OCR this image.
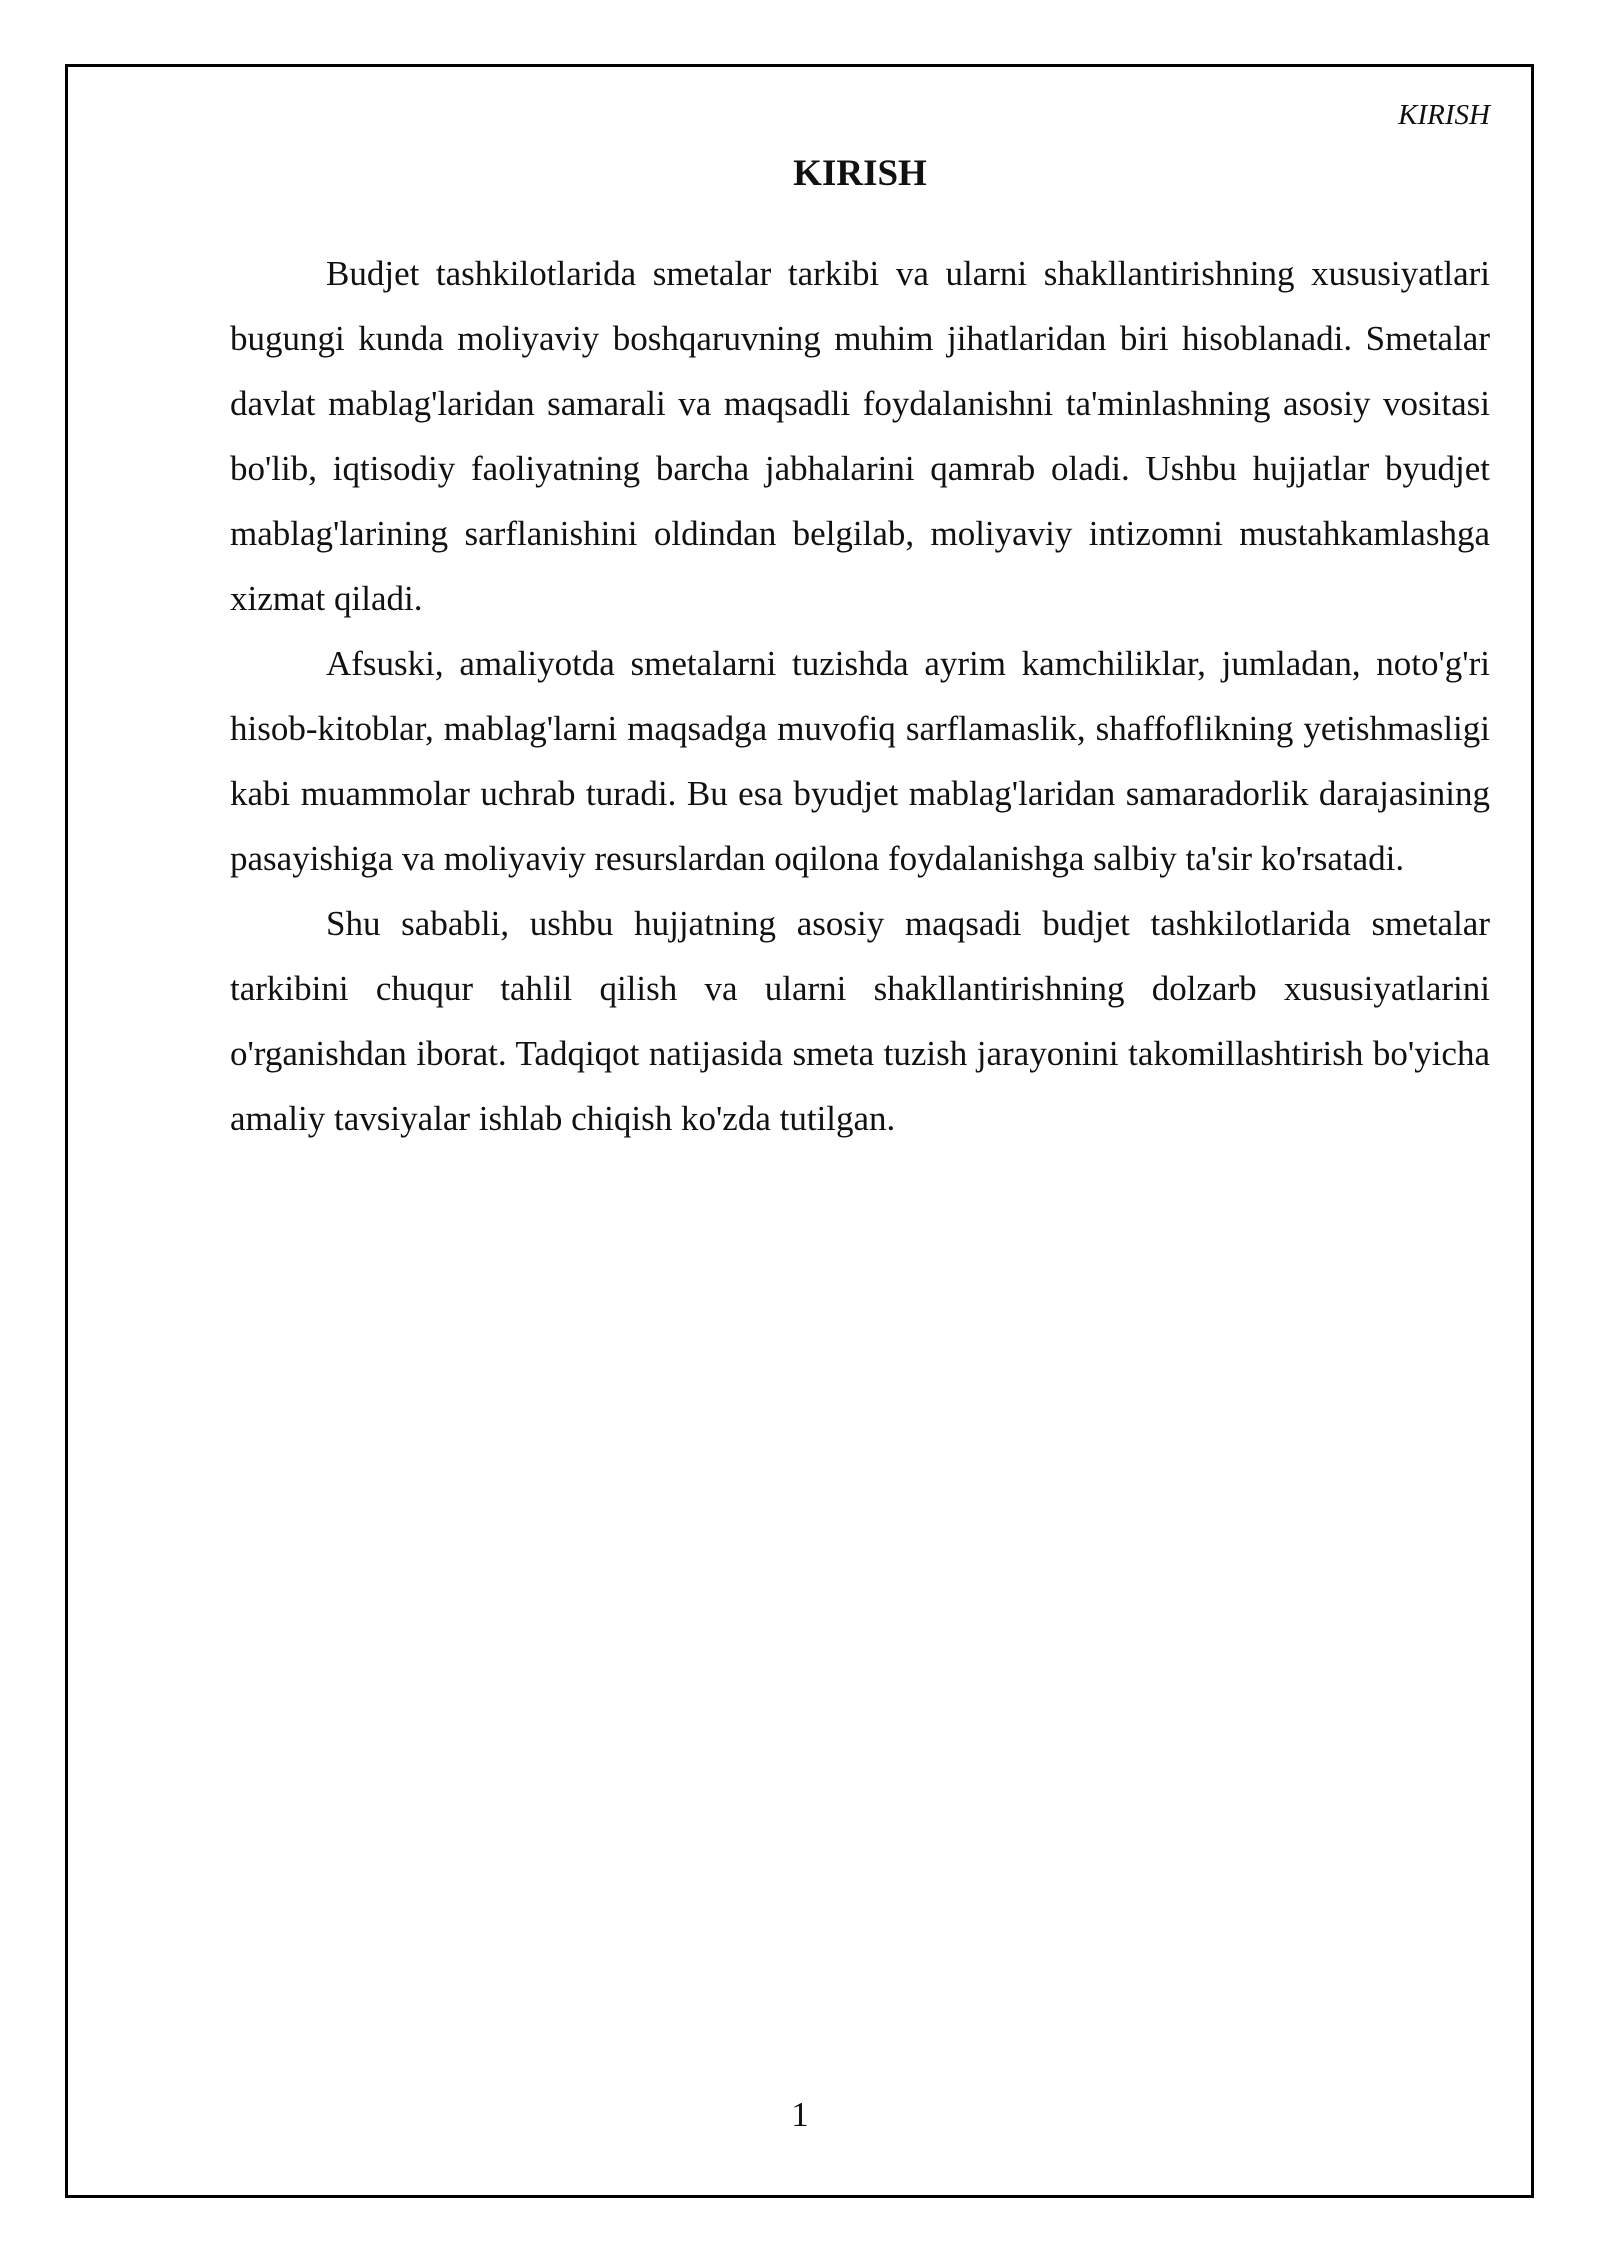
KIRISH
KIRISH

Budjet tashkilotlarida smetalar tarkibi va ularni shakllantirishning xususiyatlari bugungi kunda moliyaviy boshqaruvning muhim jihatlaridan biri hisoblanadi. Smetalar davlat mablag'laridan samarali va maqsadli foydalanishni ta'minlashning asosiy vositasi bo'lib, iqtisodiy faoliyatning barcha jabhalarini qamrab oladi. Ushbu hujjatlar byudjet mablag'larining sarflanishini oldindan belgilab, moliyaviy intizomni mustahkamlashga xizmat qiladi.

Afsuski, amaliyotda smetalarni tuzishda ayrim kamchiliklar, jumladan, noto'g'ri hisob-kitoblar, mablag'larni maqsadga muvofiq sarflamaslik, shaffoflikning yetishmasligi kabi muammolar uchrab turadi. Bu esa byudjet mablag'laridan samaradorlik darajasining pasayishiga va moliyaviy resurslardan oqilona foydalanishga salbiy ta'sir ko'rsatadi.

Shu sababli, ushbu hujjatning asosiy maqsadi budjet tashkilotlarida smetalar tarkibini chuqur tahlil qilish va ularni shakllantirishning dolzarb xususiyatlarini o'rganishdan iborat. Tadqiqot natijasida smeta tuzish jarayonini takomillashtirish bo'yicha amaliy tavsiyalar ishlab chiqish ko'zda tutilgan.

1
